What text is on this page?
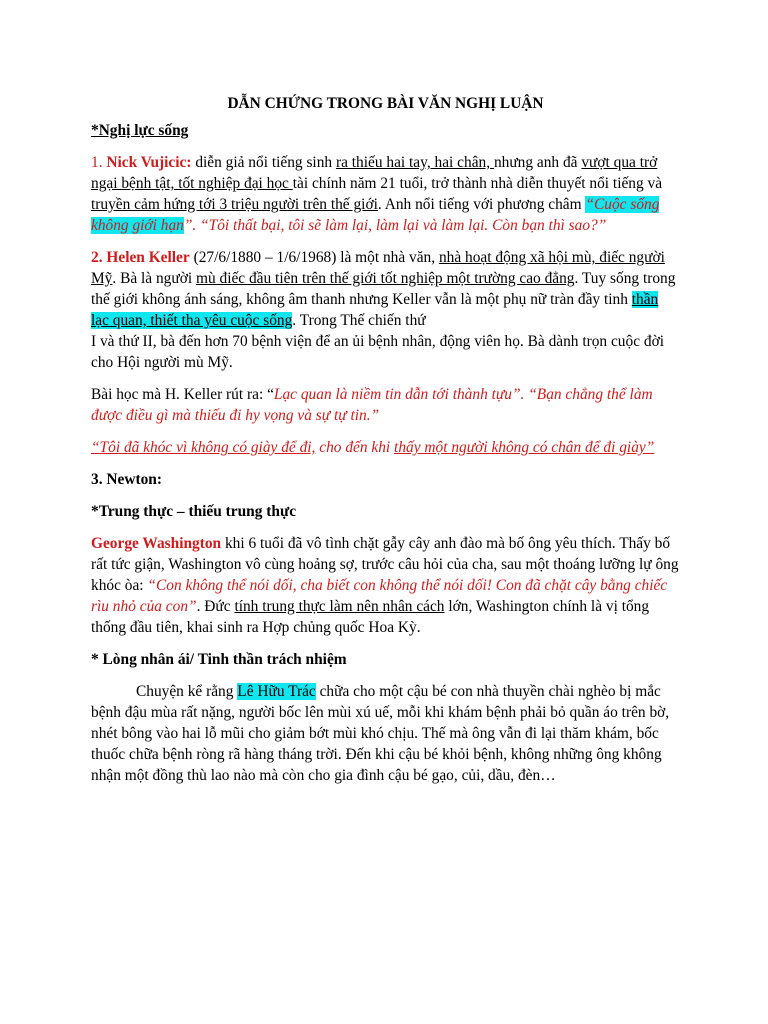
DẪN CHỨNG TRONG BÀI VĂN NGHỊ LUẬN

*Nghị lực sống

1. Nick Vujicic: diễn giả nổi tiếng sinh ra thiếu hai tay, hai chân, nhưng anh đã vượt qua trở ngại bệnh tật, tốt nghiệp đại học tài chính năm 21 tuổi, trở thành nhà diễn thuyết nổi tiếng và truyền cảm hứng tới 3 triệu người trên thế giới. Anh nổi tiếng với phương châm “Cuộc sống không giới hạn”. “Tôi thất bại, tôi sẽ làm lại, làm lại và làm lại. Còn bạn thì sao?”

2. Helen Keller (27/6/1880 – 1/6/1968) là một nhà văn, nhà hoạt động xã hội mù, điếc người Mỹ. Bà là người mù điếc đầu tiên trên thế giới tốt nghiệp một trường cao đẳng. Tuy sống trong thế giới không ánh sáng, không âm thanh nhưng Keller vẫn là một phụ nữ tràn đầy tinh thần lạc quan, thiết tha yêu cuộc sống. Trong Thế chiến thứ
I và thứ II, bà đến hơn 70 bệnh viện để an ủi bệnh nhân, động viên họ. Bà dành trọn cuộc đời cho Hội người mù Mỹ.

Bài học mà H. Keller rút ra: “Lạc quan là niềm tin dẫn tới thành tựu”. “Bạn chẳng thể làm được điều gì mà thiếu đi hy vọng và sự tự tin.”

“Tôi đã khóc vì không có giày để đi, cho đến khi thấy một người không có chân để đi giày”

3. Newton:

*Trung thực – thiếu trung thực

George Washington khi 6 tuổi đã vô tình chặt gẫy cây anh đào mà bố ông yêu thích. Thấy bố rất tức giận, Washington vô cùng hoảng sợ, trước câu hỏi của cha, sau một thoáng lưỡng lự ông khóc òa: “Con không thể nói dối, cha biết con không thể nói dối! Con đã chặt cây bằng chiếc rìu nhỏ của con”. Đức tính trung thực làm nên nhân cách lớn, Washington chính là vị tổng thống đầu tiên, khai sinh ra Hợp chủng quốc Hoa Kỳ.

* Lòng nhân ái/ Tinh thần trách nhiệm

Chuyện kể rằng Lê Hữu Trác chữa cho một cậu bé con nhà thuyền chài nghèo bị mắc bệnh đậu mùa rất nặng, người bốc lên mùi xú uế, mỗi khi khám bệnh phải bỏ quần áo trên bờ, nhét bông vào hai lỗ mũi cho giảm bớt mùi khó chịu. Thế mà ông vẫn đi lại thăm khám, bốc thuốc chữa bệnh ròng rã hàng tháng trời. Đến khi cậu bé khỏi bệnh, không những ông không nhận một đồng thù lao nào mà còn cho gia đình cậu bé gạo, củi, dầu, đèn…
